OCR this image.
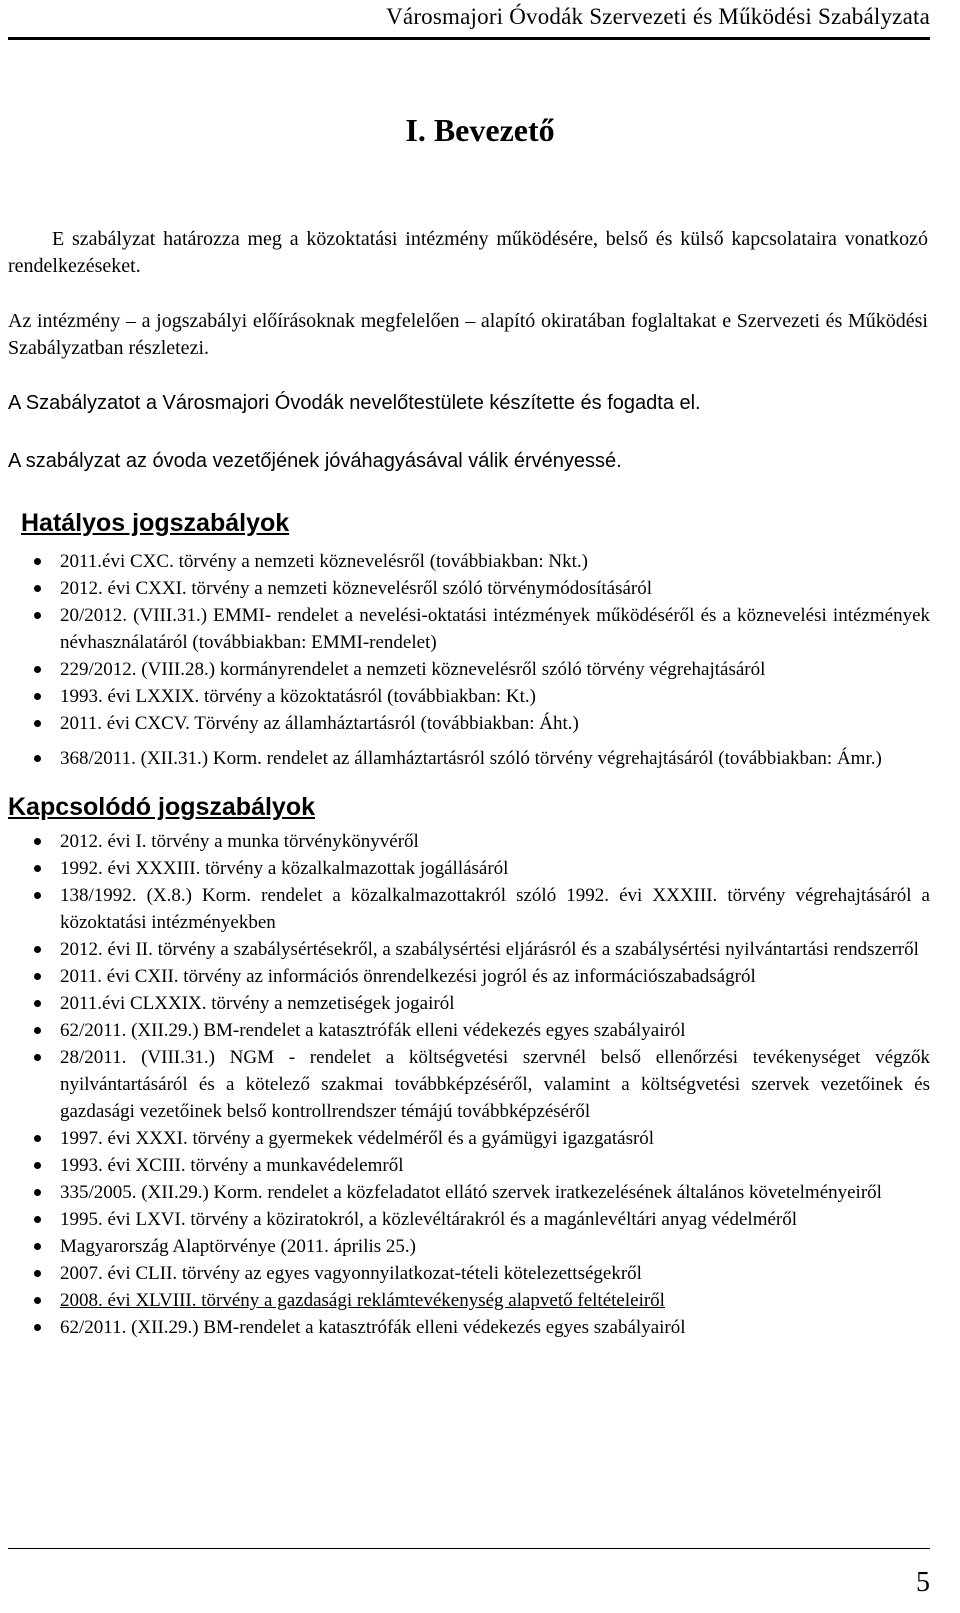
Városmajori Óvodák Szervezeti és Működési Szabályzata
I. Bevezető
E szabályzat határozza meg a közoktatási intézmény működésére, belső és külső kapcsolataira vonatkozó rendelkezéseket.
Az intézmény – a jogszabályi előírásoknak megfelelően – alapító okiratában foglaltakat e Szervezeti és Működési Szabályzatban részletezi.
A Szabályzatot a Városmajori Óvodák nevelőtestülete készítette és fogadta el.
A szabályzat az óvoda vezetőjének jóváhagyásával válik érvényessé.
Hatályos jogszabályok
2011.évi CXC. törvény a nemzeti köznevelésről (továbbiakban: Nkt.)
2012. évi CXXI. törvény a nemzeti köznevelésről szóló törvénymódosításáról
20/2012. (VIII.31.) EMMI- rendelet a nevelési-oktatási intézmények működéséről és a köznevelési intézmények névhasználatáról (továbbiakban: EMMI-rendelet)
229/2012. (VIII.28.) kormányrendelet a nemzeti köznevelésről szóló törvény végrehajtásáról
1993. évi LXXIX. törvény a közoktatásról (továbbiakban: Kt.)
2011. évi CXCV. Törvény az államháztartásról (továbbiakban: Áht.)
368/2011. (XII.31.) Korm. rendelet az államháztartásról szóló törvény végrehajtásáról (továbbiakban: Ámr.)
Kapcsolódó jogszabályok
2012. évi I. törvény a munka törvénykönyvéről
1992. évi XXXIII. törvény a közalkalmazottak jogállásáról
138/1992. (X.8.) Korm. rendelet a közalkalmazottakról szóló 1992. évi XXXIII. törvény végrehajtásáról a közoktatási intézményekben
2012. évi II. törvény a szabálysértésekről, a szabálysértési eljárásról és a szabálysértési nyilvántartási rendszerről
2011. évi CXII. törvény az információs önrendelkezési jogról és az információszabadságról
2011.évi CLXXIX. törvény a nemzetiségek jogairól
62/2011. (XII.29.) BM-rendelet a katasztrófák elleni védekezés egyes szabályairól
28/2011. (VIII.31.) NGM - rendelet a költségvetési szervnél belső ellenőrzési tevékenységet végzők nyilvántartásáról és a kötelező szakmai továbbképzéséről, valamint a költségvetési szervek vezetőinek és gazdasági vezetőinek belső kontrollrendszer témájú továbbképzéséről
1997. évi XXXI. törvény a gyermekek védelméről és a gyámügyi igazgatásról
1993. évi XCIII. törvény a munkavédelemről
335/2005. (XII.29.) Korm. rendelet a közfeladatot ellátó szervek iratkezelésének általános követelményeiről
1995. évi LXVI. törvény a köziratokról, a közlevéltárakról és a magánlevéltári anyag védelméről
Magyarország Alaptörvénye (2011. április 25.)
2007. évi CLII. törvény az egyes vagyonnyilatkozat-tételi kötelezettségekről
2008. évi XLVIII. törvény a gazdasági reklámtevékenység alapvető feltételeiről
62/2011. (XII.29.) BM-rendelet a katasztrófák elleni védekezés egyes szabályairól
5
